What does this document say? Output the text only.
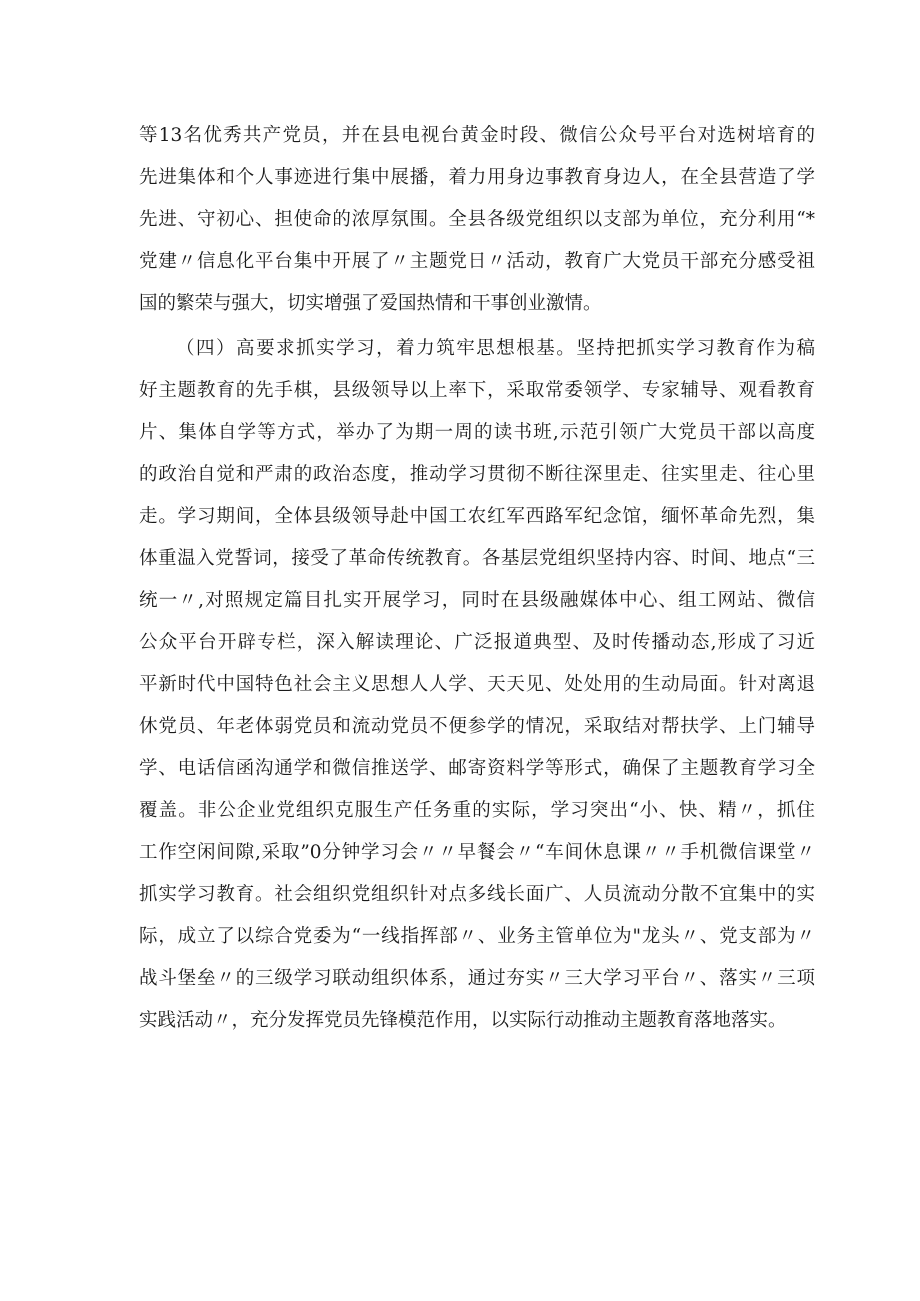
等13名优秀共产党员，并在县电视台黄金时段、微信公众号平台对选树培育的
先进集体和个人事迹进行集中展播，着力用身边事教育身边人，在全县营造了学
先进、守初心、担使命的浓厚氛围。全县各级党组织以支部为单位，充分利用“*
党建〃信息化平台集中开展了〃主题党日〃活动，教育广大党员干部充分感受祖
国的繁荣与强大，切实增强了爱国热情和干事创业激情。
（四）高要求抓实学习，着力筑牢思想根基。坚持把抓实学习教育作为稿
好主题教育的先手棋，县级领导以上率下，采取常委领学、专家辅导、观看教育
片、集体自学等方式，举办了为期一周的读书班,示范引领广大党员干部以高度
的政治自觉和严肃的政治态度，推动学习贯彻不断往深里走、往实里走、往心里
走。学习期间，全体县级领导赴中国工农红军西路军纪念馆，缅怀革命先烈，集
体重温入党誓词，接受了革命传统教育。各基层党组织坚持内容、时间、地点“三
统一〃,对照规定篇目扎实开展学习，同时在县级融媒体中心、组工网站、微信
公众平台开辟专栏，深入解读理论、广泛报道典型、及时传播动态,形成了习近
平新时代中国特色社会主义思想人人学、天天见、处处用的生动局面。针对离退
休党员、年老体弱党员和流动党员不便参学的情况，采取结对帮扶学、上门辅导
学、电话信函沟通学和微信推送学、邮寄资料学等形式，确保了主题教育学习全
覆盖。非公企业党组织克服生产任务重的实际，学习突出“小、快、精〃，抓住
工作空闲间隙,采取”0分钟学习会〃〃早餐会〃“车间休息课〃〃手机微信课堂〃
抓实学习教育。社会组织党组织针对点多线长面广、人员流动分散不宜集中的实
际，成立了以综合党委为“一线指挥部〃、业务主管单位为"龙头〃、党支部为〃
战斗堡垒〃的三级学习联动组织体系，通过夯实〃三大学习平台〃、落实〃三项
实践活动〃，充分发挥党员先锋模范作用，以实际行动推动主题教育落地落实。
